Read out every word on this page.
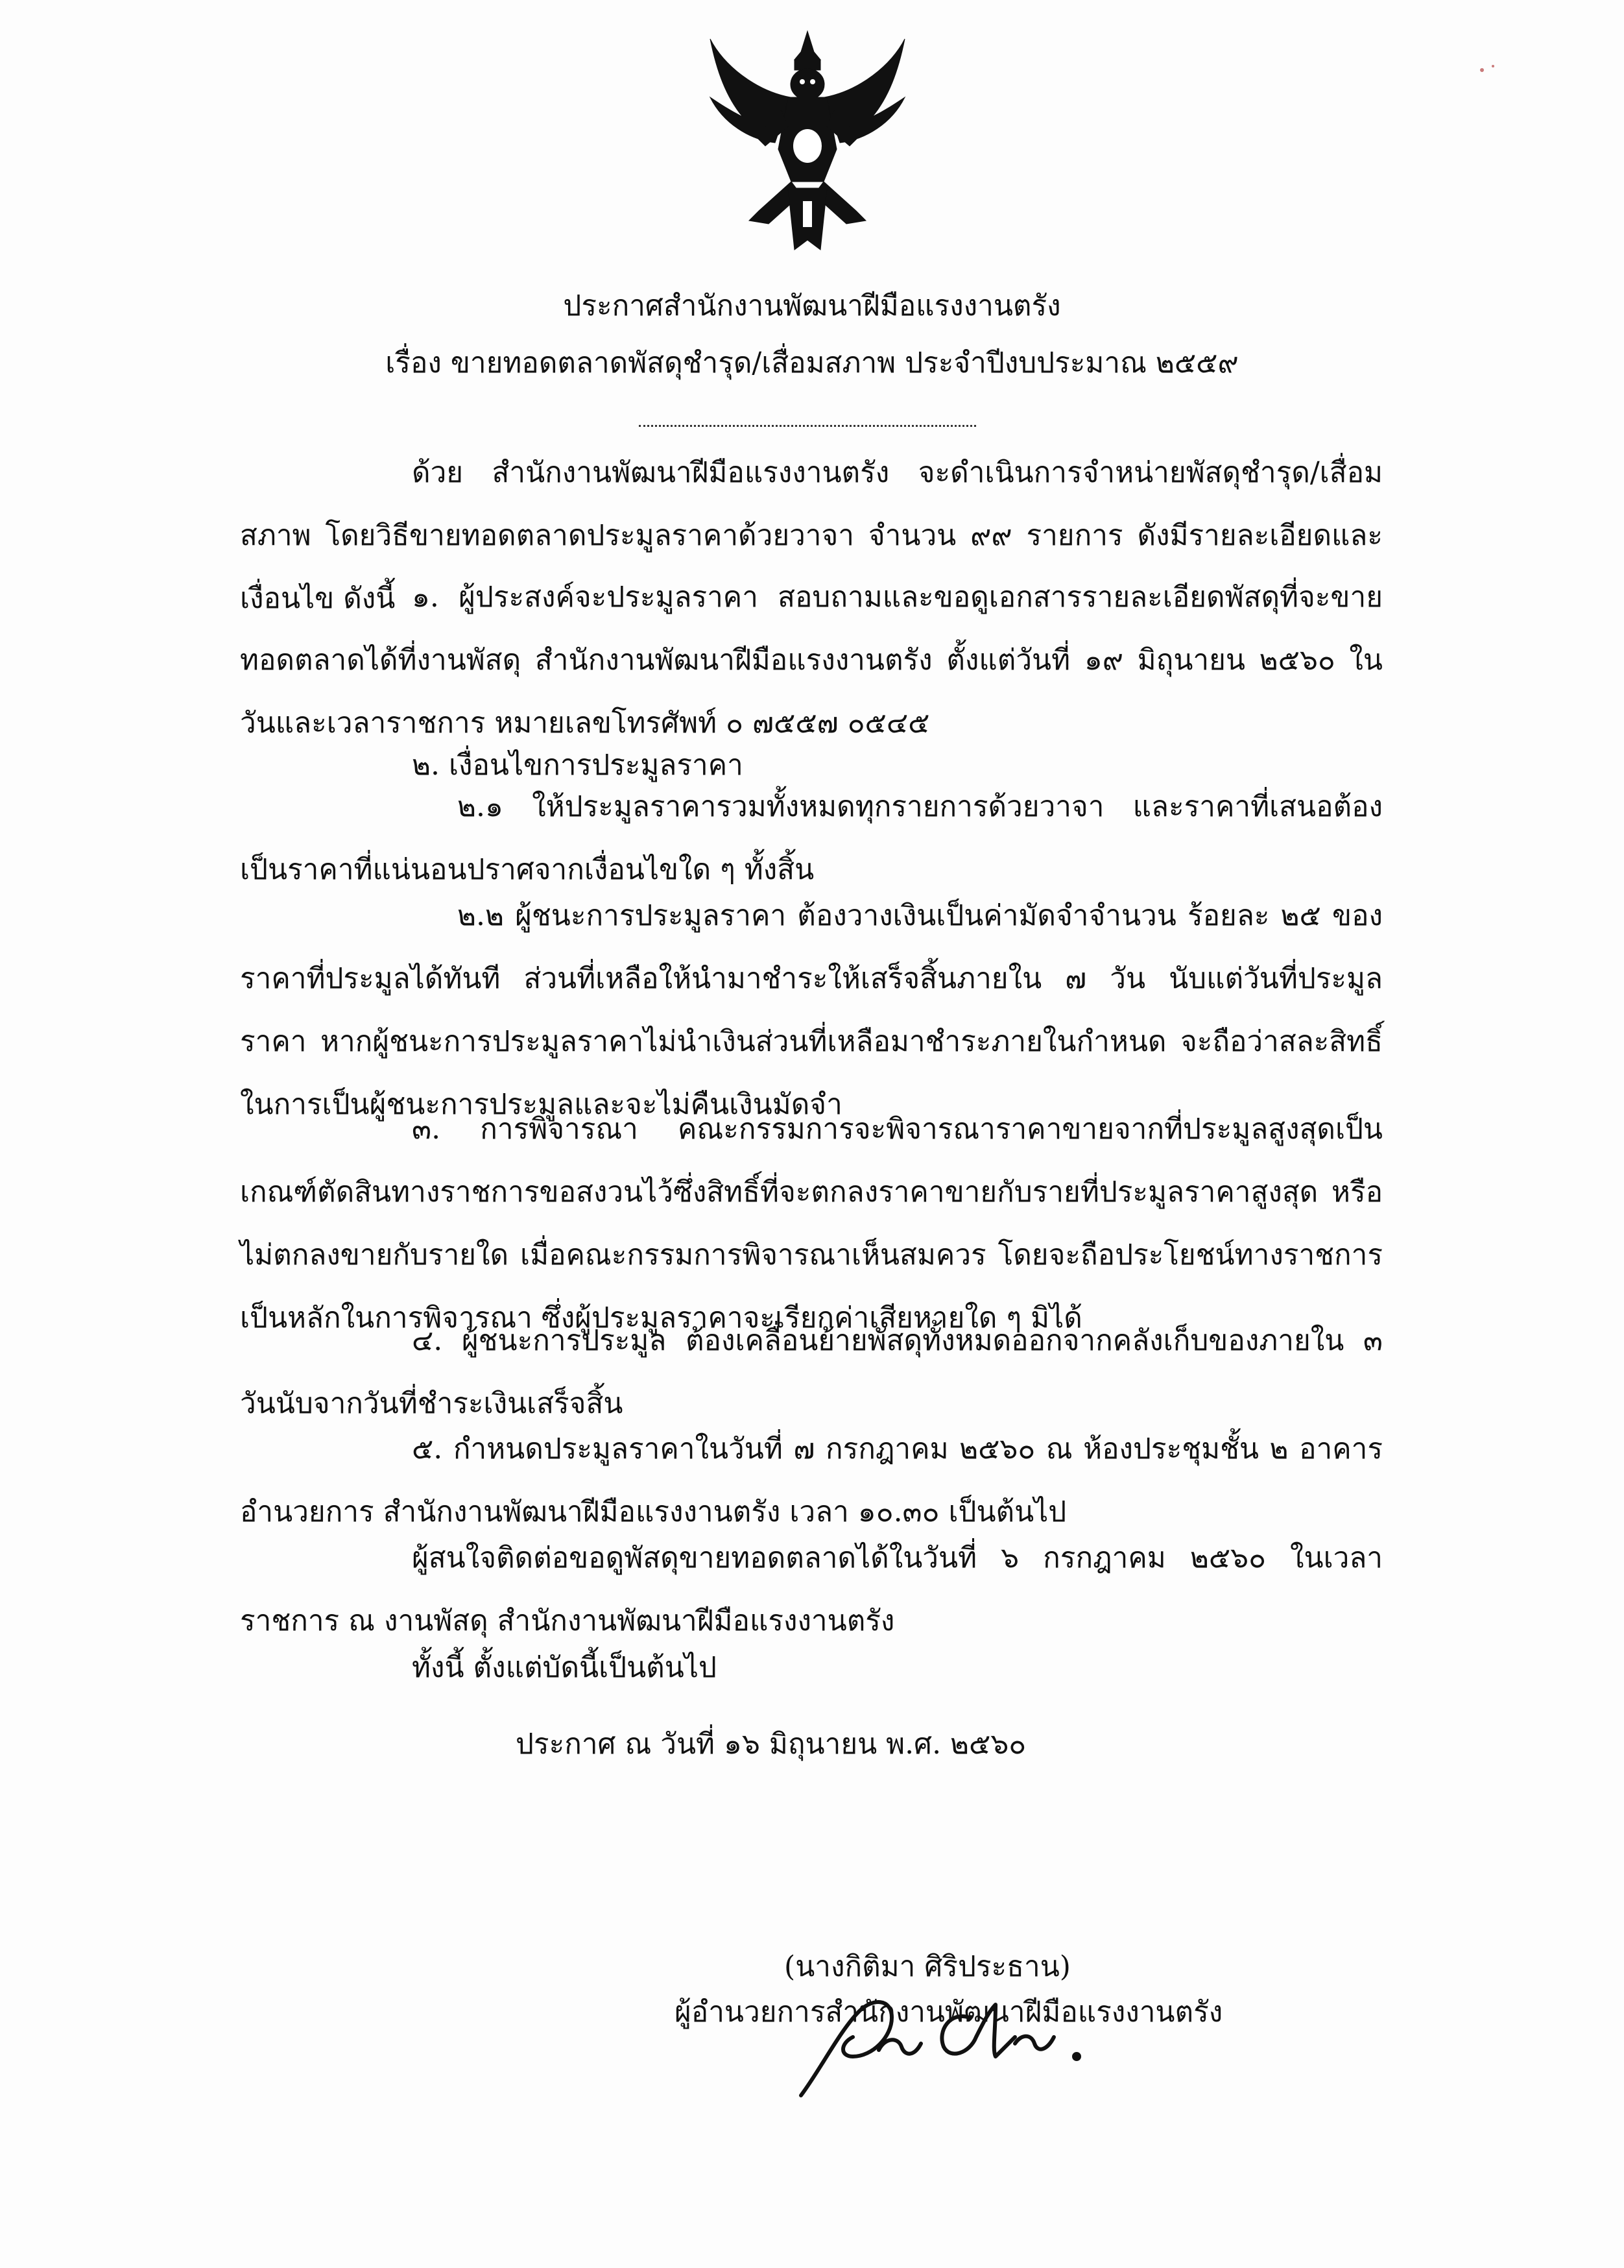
ประกาศสำนักงานพัฒนาฝีมือแรงงานตรัง
เรื่อง ขายทอดตลาดพัสดุชำรุด/เสื่อมสภาพ ประจำปีงบประมาณ ๒๕๕๙
ด้วย สำนักงานพัฒนาฝีมือแรงงานตรัง จะดำเนินการจำหน่ายพัสดุชำรุด/เสื่อมสภาพ โดยวิธีขายทอดตลาดประมูลราคาด้วยวาจา จำนวน ๙๙ รายการ ดังมีรายละเอียดและเงื่อนไข ดังนี้ ๑. ผู้ประสงค์จะประมูลราคา สอบถามและขอดูเอกสารรายละเอียดพัสดุที่จะขายทอดตลาดได้ที่งานพัสดุ สำนักงานพัฒนาฝีมือแรงงานตรัง ตั้งแต่วันที่ ๑๙ มิถุนายน ๒๕๖๐ ในวันและเวลาราชการ หมายเลขโทรศัพท์ ๐ ๗๕๕๗ ๐๕๔๕
๒. เงื่อนไขการประมูลราคา
๒.๑ ให้ประมูลราคารวมทั้งหมดทุกรายการด้วยวาจา และราคาที่เสนอต้องเป็นราคาที่แน่นอนปราศจากเงื่อนไขใด ๆ ทั้งสิ้น
๒.๒ ผู้ชนะการประมูลราคา ต้องวางเงินเป็นค่ามัดจำจำนวน ร้อยละ ๒๕ ของราคาที่ประมูลได้ทันที ส่วนที่เหลือให้นำมาชำระให้เสร็จสิ้นภายใน ๗ วัน นับแต่วันที่ประมูลราคา หากผู้ชนะการประมูลราคาไม่นำเงินส่วนที่เหลือมาชำระภายในกำหนด จะถือว่าสละสิทธิ์ในการเป็นผู้ชนะการประมูลและจะไม่คืนเงินมัดจำ
๓. การพิจารณา คณะกรรมการจะพิจารณาราคาขายจากที่ประมูลสูงสุดเป็นเกณฑ์ตัดสินทางราชการขอสงวนไว้ซึ่งสิทธิ์ที่จะตกลงราคาขายกับรายที่ประมูลราคาสูงสุด หรือไม่ตกลงขายกับรายใด เมื่อคณะกรรมการพิจารณาเห็นสมควร โดยจะถือประโยชน์ทางราชการเป็นหลักในการพิจารณา ซึ่งผู้ประมูลราคาจะเรียกค่าเสียหายใด ๆ มิได้
๔. ผู้ชนะการประมูล ต้องเคลื่อนย้ายพัสดุทั้งหมดออกจากคลังเก็บของภายใน ๓ วันนับจากวันที่ชำระเงินเสร็จสิ้น
๕. กำหนดประมูลราคาในวันที่ ๗ กรกฎาคม ๒๕๖๐ ณ ห้องประชุมชั้น ๒ อาคารอำนวยการ สำนักงานพัฒนาฝีมือแรงงานตรัง เวลา ๑๐.๓๐ เป็นต้นไป
ผู้สนใจติดต่อขอดูพัสดุขายทอดตลาดได้ในวันที่ ๖ กรกฎาคม ๒๕๖๐ ในเวลาราชการ ณ งานพัสดุ สำนักงานพัฒนาฝีมือแรงงานตรัง
ทั้งนี้ ตั้งแต่บัดนี้เป็นต้นไป
ประกาศ ณ วันที่ ๑๖ มิถุนายน พ.ศ. ๒๕๖๐
(นางกิติมา ศิริประธาน)
ผู้อำนวยการสำนักงานพัฒนาฝีมือแรงงานตรัง
